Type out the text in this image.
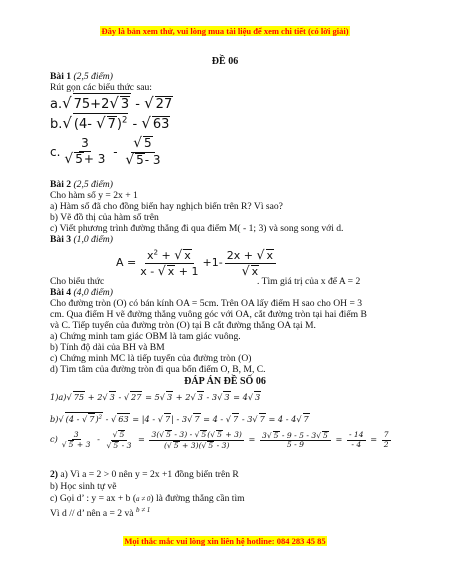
Đây là bản xem thử, vui lòng mua tài liệu để xem chi tiết (có lời giải)
ĐỀ 06
Bài 1 (2,5 điểm)
Rút gọn các biểu thức sau:
a.√ 75+2√ 3 - √ 27
b.√ (4- √ 7)$^2$ - √ 63
c. $\frac{3}{√ 5+ 3} - \frac{√ 5}{√ 5- 3}$
Bài 2 (2,5 điểm)
Cho hàm số y = 2x + 1
a) Hàm số đã cho đồng biến hay nghịch biến trên R? Vì sao?
b) Vẽ đồ thị của hàm số trên
c) Viết phương trình đường thẳng đi qua điểm M( - 1; 3) và song song với d.
Bài 3 (1,0 điểm)
$A = \frac{x^2 + √ x}{x - √ x + 1} +1- \frac{2x + √ x}{√ x}$
Cho biểu thức	. Tìm giá trị của x để A = 2
Bài 4 (4,0 điểm)
Cho đường tròn (O) có bán kính OA = 5cm. Trên OA lấy điểm H sao cho OH = 3
cm. Qua điểm H vẽ đường thẳng vuông góc với OA, cắt đường tròn tại hai điểm B
và C. Tiếp tuyến của đường tròn (O) tại B cắt đường thẳng OA tại M.
a) Chứng minh tam giác OBM là tam giác vuông.
b) Tính độ dài của BH và BM
c) Chứng minh MC là tiếp tuyến của đường tròn (O)
d) Tìm tâm của đường tròn đi qua bốn điểm O, B, M, C.
ĐÁP ÁN ĐỀ SỐ 06
1)a)√ 75 + 2√ 3 - √ 27 = 5√ 3 + 2√ 3 - 3√ 3 = 4√ 3
b)√ (4 - √ 7)$^2$ - √ 63 = |4 - √ 7| - 3√ 7 = 4 - √ 7 - 3√ 7 = 4 - 4√ 7
$c) \frac{3}{√ 5 + 3} - \frac{√ 5}{√ 5 - 3} = \frac{3(√ 5 - 3) - √ 5(√ 5 + 3)}{(√ 5 + 3)(√ 5 - 3)} = \frac{3√ 5 - 9 - 5 - 3√ 5}{5 - 9} = \frac{- 14}{- 4} = \frac{7}{2}$
2) a) Vì a = 2 > 0 nên y = 2x +1 đồng biến trên R
b) Học sinh tự vẽ
c) Gọi d’ : y = ax + b (a ≠ 0) là đường thẳng cần tìm
Vì d // d’ nên a = 2 và $^{b \ne 1}$
Mọi thắc mắc vui lòng xin liên hệ hotline: 084 283 45 85
